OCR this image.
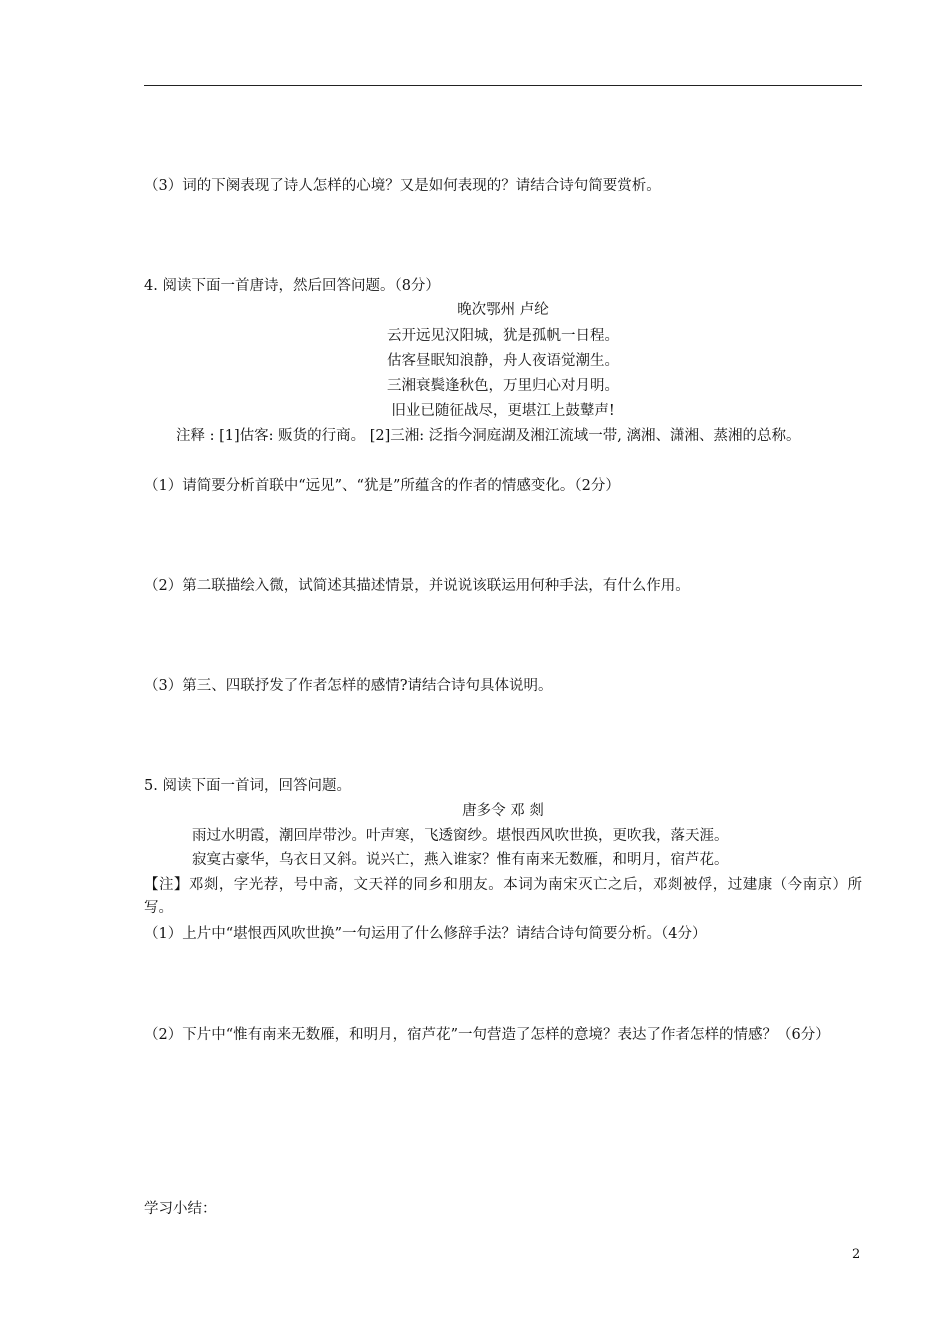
（3）词的下阕表现了诗人怎样的心境？又是如何表现的？请结合诗句简要赏析。
4. 阅读下面一首唐诗，然后回答问题。（8分）
晚次鄂州 卢纶
云开远见汉阳城，犹是孤帆一日程。
估客昼眠知浪静，舟人夜语觉潮生。
三湘衰鬓逢秋色，万里归心对月明。
旧业已随征战尽，更堪江上鼓鼙声!
注释 : [1]估客: 贩货的行商。 [2]三湘: 泛指今洞庭湖及湘江流域一带, 漓湘、潇湘、蒸湘的总称。
（1）请简要分析首联中“远见”、“犹是”所蕴含的作者的情感变化。（2分）
（2）第二联描绘入微，试简述其描述情景，并说说该联运用何种手法，有什么作用。
（3）第三、四联抒发了作者怎样的感情?请结合诗句具体说明。
5. 阅读下面一首词，回答问题。
唐多令 邓 剡
雨过水明霞，潮回岸带沙。叶声寒，飞透窗纱。堪恨西风吹世换，更吹我，落天涯。
寂寞古豪华，乌衣日又斜。说兴亡，燕入谁家？惟有南来无数雁，和明月，宿芦花。
【注】邓剡，字光荐，号中斋，文天祥的同乡和朋友。本词为南宋灭亡之后，邓剡被俘，过建康（今南京）所写。
（1）上片中“堪恨西风吹世换”一句运用了什么修辞手法？请结合诗句简要分析。（4分）
（2）下片中“惟有南来无数雁，和明月，宿芦花”一句营造了怎样的意境？表达了作者怎样的情感？（6分）
学习小结：
2
